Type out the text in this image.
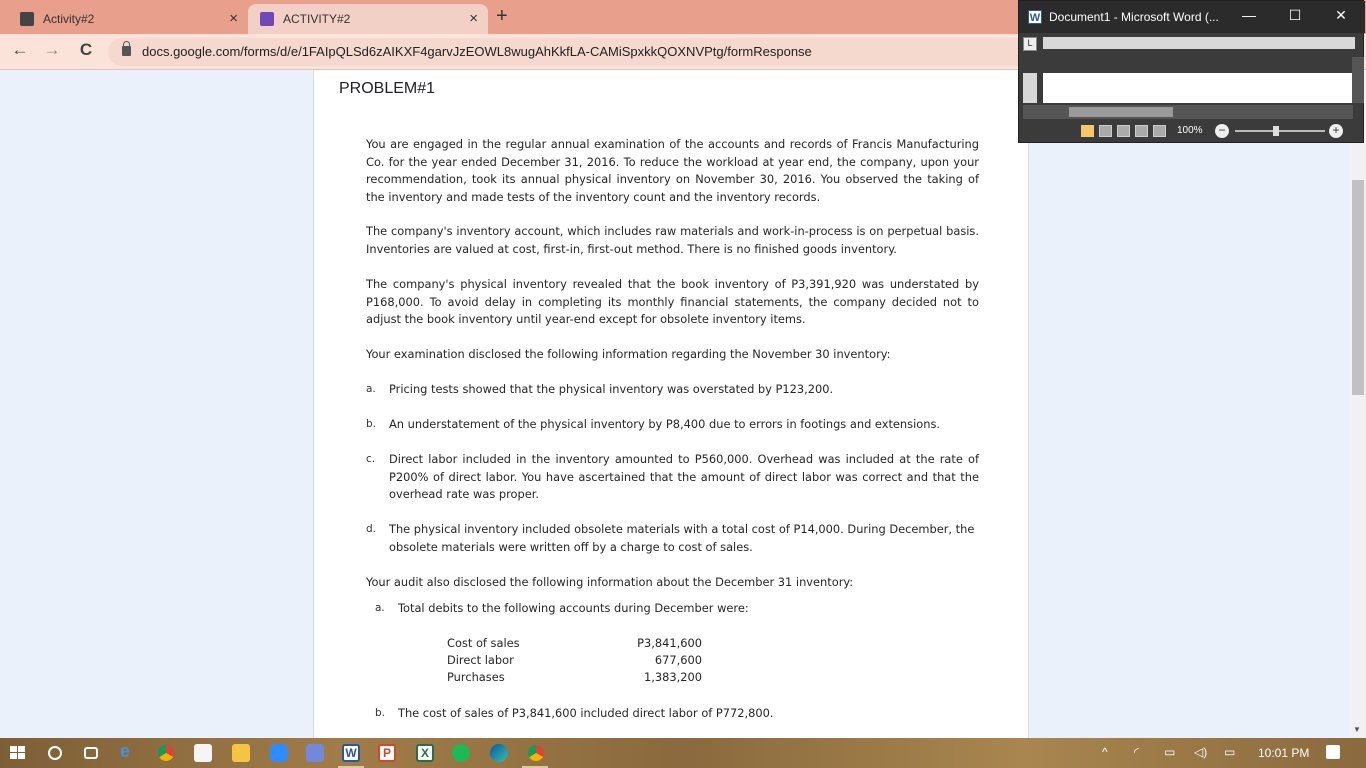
Activity#2	×	ACTIVITY#2	× +
← →	C	docs.google.com/forms/d/e/1FAIpQLSd6zAIKXF4garvJzEOWL8wugAhKkfLA-CAMiSpxkkQOXNVPtg/formResponse
PROBLEM#1
You are engaged in the regular annual examination of the accounts and records of Francis Manufacturing Co. for the year ended December 31, 2016. To reduce the workload at year end, the company, upon your recommendation, took its annual physical inventory on November 30, 2016. You observed the taking of the inventory and made tests of the inventory count and the inventory records.
The company's inventory account, which includes raw materials and work-in-process is on perpetual basis. Inventories are valued at cost, first-in, first-out method. There is no finished goods inventory.
The company's physical inventory revealed that the book inventory of P3,391,920 was understated by P168,000. To avoid delay in completing its monthly financial statements, the company decided not to adjust the book inventory until year-end except for obsolete inventory items.
Your examination disclosed the following information regarding the November 30 inventory:
a. Pricing tests showed that the physical inventory was overstated by P123,200.
b. An understatement of the physical inventory by P8,400 due to errors in footings and extensions.
c. Direct labor included in the inventory amounted to P560,000. Overhead was included at the rate of P200% of direct labor. You have ascertained that the amount of direct labor was correct and that the overhead rate was proper.
d. The physical inventory included obsolete materials with a total cost of P14,000. During December, the obsolete materials were written off by a charge to cost of sales.
Your audit also disclosed the following information about the December 31 inventory:
a. Total debits to the following accounts during December were:
Cost of sales	P3,841,600
Direct labor	677,600
Purchases	1,383,200
b. The cost of sales of P3,841,600 included direct labor of P772,800.
▼
W Document1 - Microsoft Word (... — ☐ ✕
L
100% −	+
e	W	P	X	^ ◜ ▭ ◁) ▭ 10:01 PM
